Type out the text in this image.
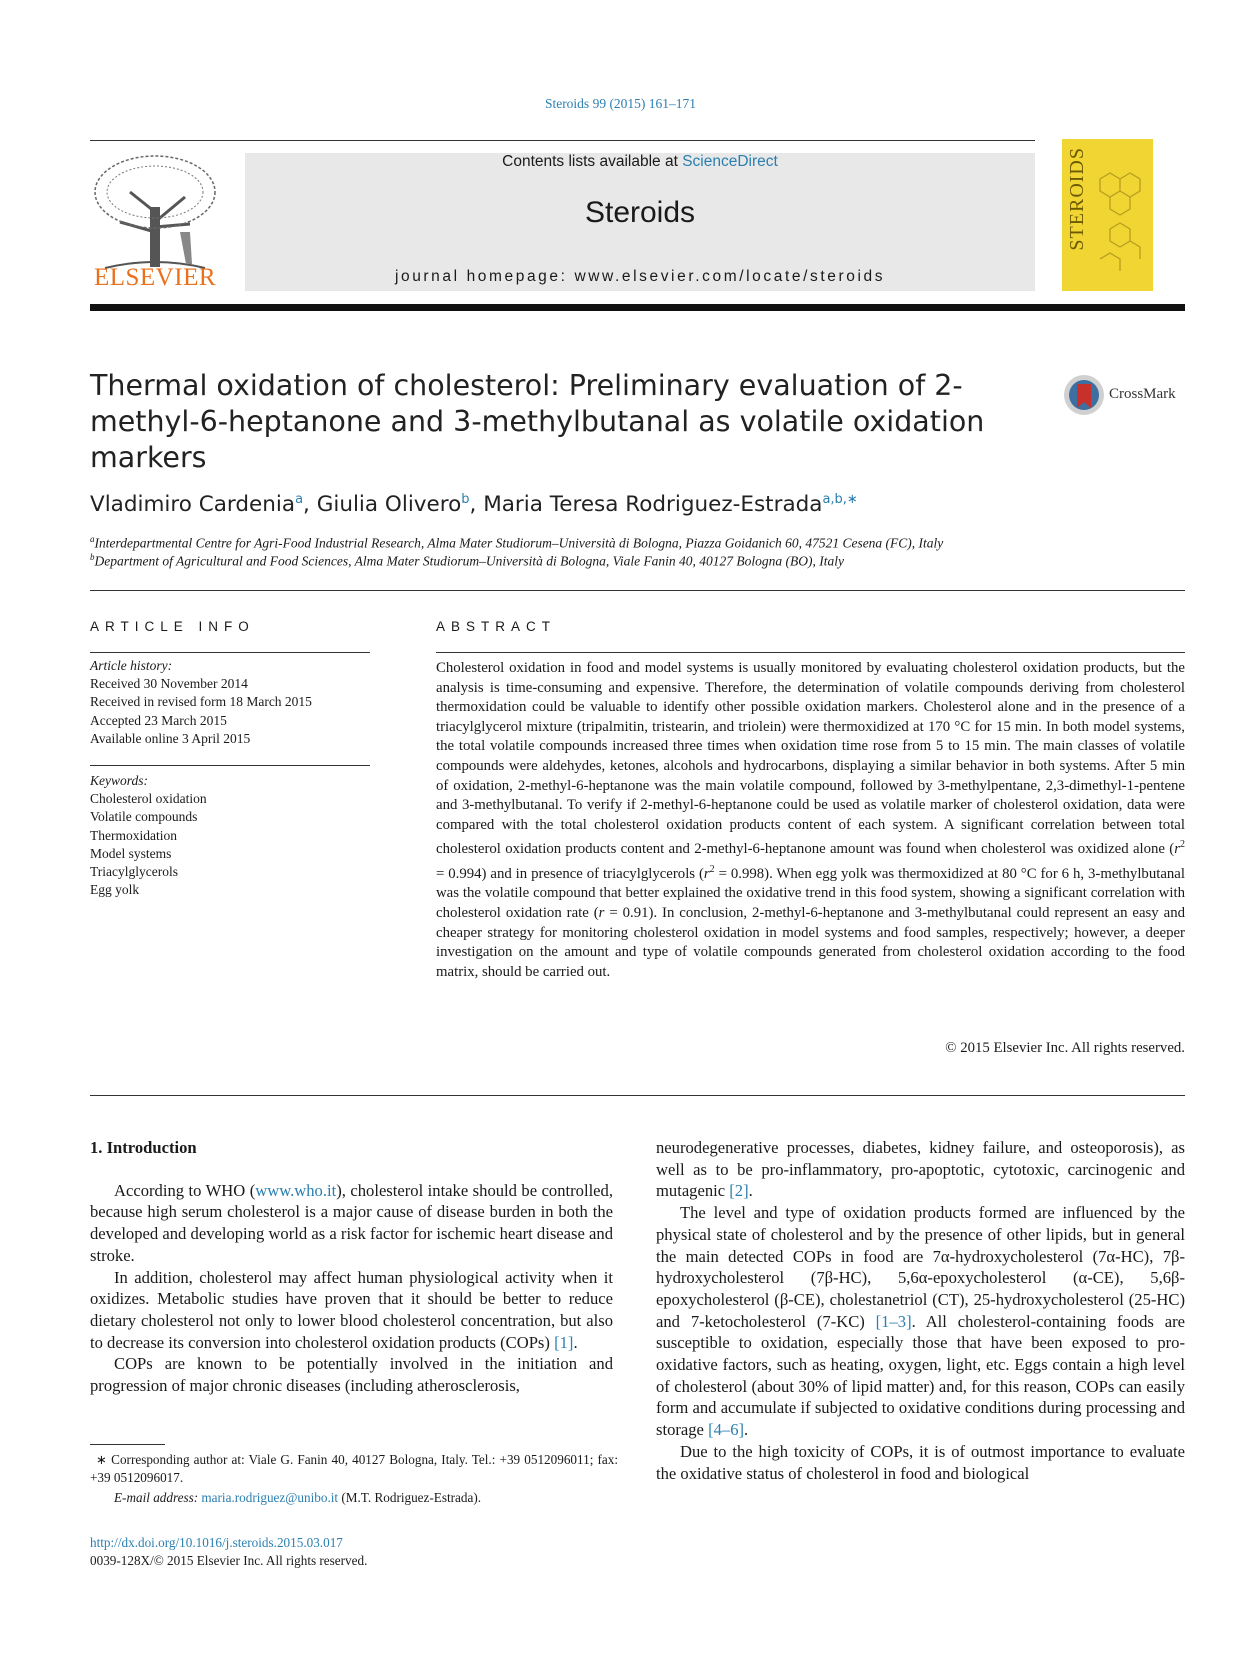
Steroids 99 (2015) 161–171
ELSEVIER
Contents lists available at ScienceDirect
Steroids
journal homepage: www.elsevier.com/locate/steroids
STEROIDS
Thermal oxidation of cholesterol: Preliminary evaluation of 2-methyl-6-heptanone and 3-methylbutanal as volatile oxidation markers
CrossMark
Vladimiro Cardenia$^a$, Giulia Olivero$^b$, Maria Teresa Rodriguez-Estrada$^{a,b,∗}$
$^a$Interdepartmental Centre for Agri-Food Industrial Research, Alma Mater Studiorum–Università di Bologna, Piazza Goidanich 60, 47521 Cesena (FC), Italy
$^b$Department of Agricultural and Food Sciences, Alma Mater Studiorum–Università di Bologna, Viale Fanin 40, 40127 Bologna (BO), Italy
ARTICLE INFO
Article history:
Received 30 November 2014
Received in revised form 18 March 2015
Accepted 23 March 2015
Available online 3 April 2015
Keywords:
Cholesterol oxidation
Volatile compounds
Thermoxidation
Model systems
Triacylglycerols
Egg yolk
ABSTRACT
Cholesterol oxidation in food and model systems is usually monitored by evaluating cholesterol oxidation products, but the analysis is time-consuming and expensive. Therefore, the determination of volatile compounds deriving from cholesterol thermoxidation could be valuable to identify other possible oxidation markers. Cholesterol alone and in the presence of a triacylglycerol mixture (tripalmitin, tristearin, and triolein) were thermoxidized at 170 °C for 15 min. In both model systems, the total volatile compounds increased three times when oxidation time rose from 5 to 15 min. The main classes of volatile compounds were aldehydes, ketones, alcohols and hydrocarbons, displaying a similar behavior in both systems. After 5 min of oxidation, 2-methyl-6-heptanone was the main volatile compound, followed by 3-methylpentane, 2,3-dimethyl-1-pentene and 3-methylbutanal. To verify if 2-methyl-6-heptanone could be used as volatile marker of cholesterol oxidation, data were compared with the total cholesterol oxidation products content of each system. A significant correlation between total cholesterol oxidation products content and 2-methyl-6-heptanone amount was found when cholesterol was oxidized alone $(r^2 = 0.994)$ and in presence of triacylglycerols $(r^2 = 0.998)$. When egg yolk was thermoxidized at 80 °C for 6 h, 3-methylbutanal was the volatile compound that better explained the oxidative trend in this food system, showing a significant correlation with cholesterol oxidation rate (r = 0.91). In conclusion, 2-methyl-6-heptanone and 3-methylbutanal could represent an easy and cheaper strategy for monitoring cholesterol oxidation in model systems and food samples, respectively; however, a deeper investigation on the amount and type of volatile compounds generated from cholesterol oxidation according to the food matrix, should be carried out.
© 2015 Elsevier Inc. All rights reserved.

1. Introduction

According to WHO (www.who.it), cholesterol intake should be controlled, because high serum cholesterol is a major cause of disease burden in both the developed and developing world as a risk factor for ischemic heart disease and stroke.

In addition, cholesterol may affect human physiological activity when it oxidizes. Metabolic studies have proven that it should be better to reduce dietary cholesterol not only to lower blood cholesterol concentration, but also to decrease its conversion into cholesterol oxidation products (COPs) [1].

COPs are known to be potentially involved in the initiation and progression of major chronic diseases (including atherosclerosis,

neurodegenerative processes, diabetes, kidney failure, and osteoporosis), as well as to be pro-inflammatory, pro-apoptotic, cytotoxic, carcinogenic and mutagenic [2].

The level and type of oxidation products formed are influenced by the physical state of cholesterol and by the presence of other lipids, but in general the main detected COPs in food are 7α-hydroxycholesterol (7α-HC), 7β-hydroxycholesterol (7β-HC), 5,6α-epoxycholesterol (α-CE), 5,6β-epoxycholesterol (β-CE), cholestanetriol (CT), 25-hydroxycholesterol (25-HC) and 7-ketocholesterol (7-KC) [1–3]. All cholesterol-containing foods are susceptible to oxidation, especially those that have been exposed to pro-oxidative factors, such as heating, oxygen, light, etc. Eggs contain a high level of cholesterol (about 30% of lipid matter) and, for this reason, COPs can easily form and accumulate if subjected to oxidative conditions during processing and storage [4–6].

Due to the high toxicity of COPs, it is of outmost importance to evaluate the oxidative status of cholesterol in food and biological

∗ Corresponding author at: Viale G. Fanin 40, 40127 Bologna, Italy. Tel.: +39 0512096011; fax: +39 0512096017.
E-mail address: maria.rodriguez@unibo.it (M.T. Rodriguez-Estrada).
http://dx.doi.org/10.1016/j.steroids.2015.03.017
0039-128X/© 2015 Elsevier Inc. All rights reserved.
